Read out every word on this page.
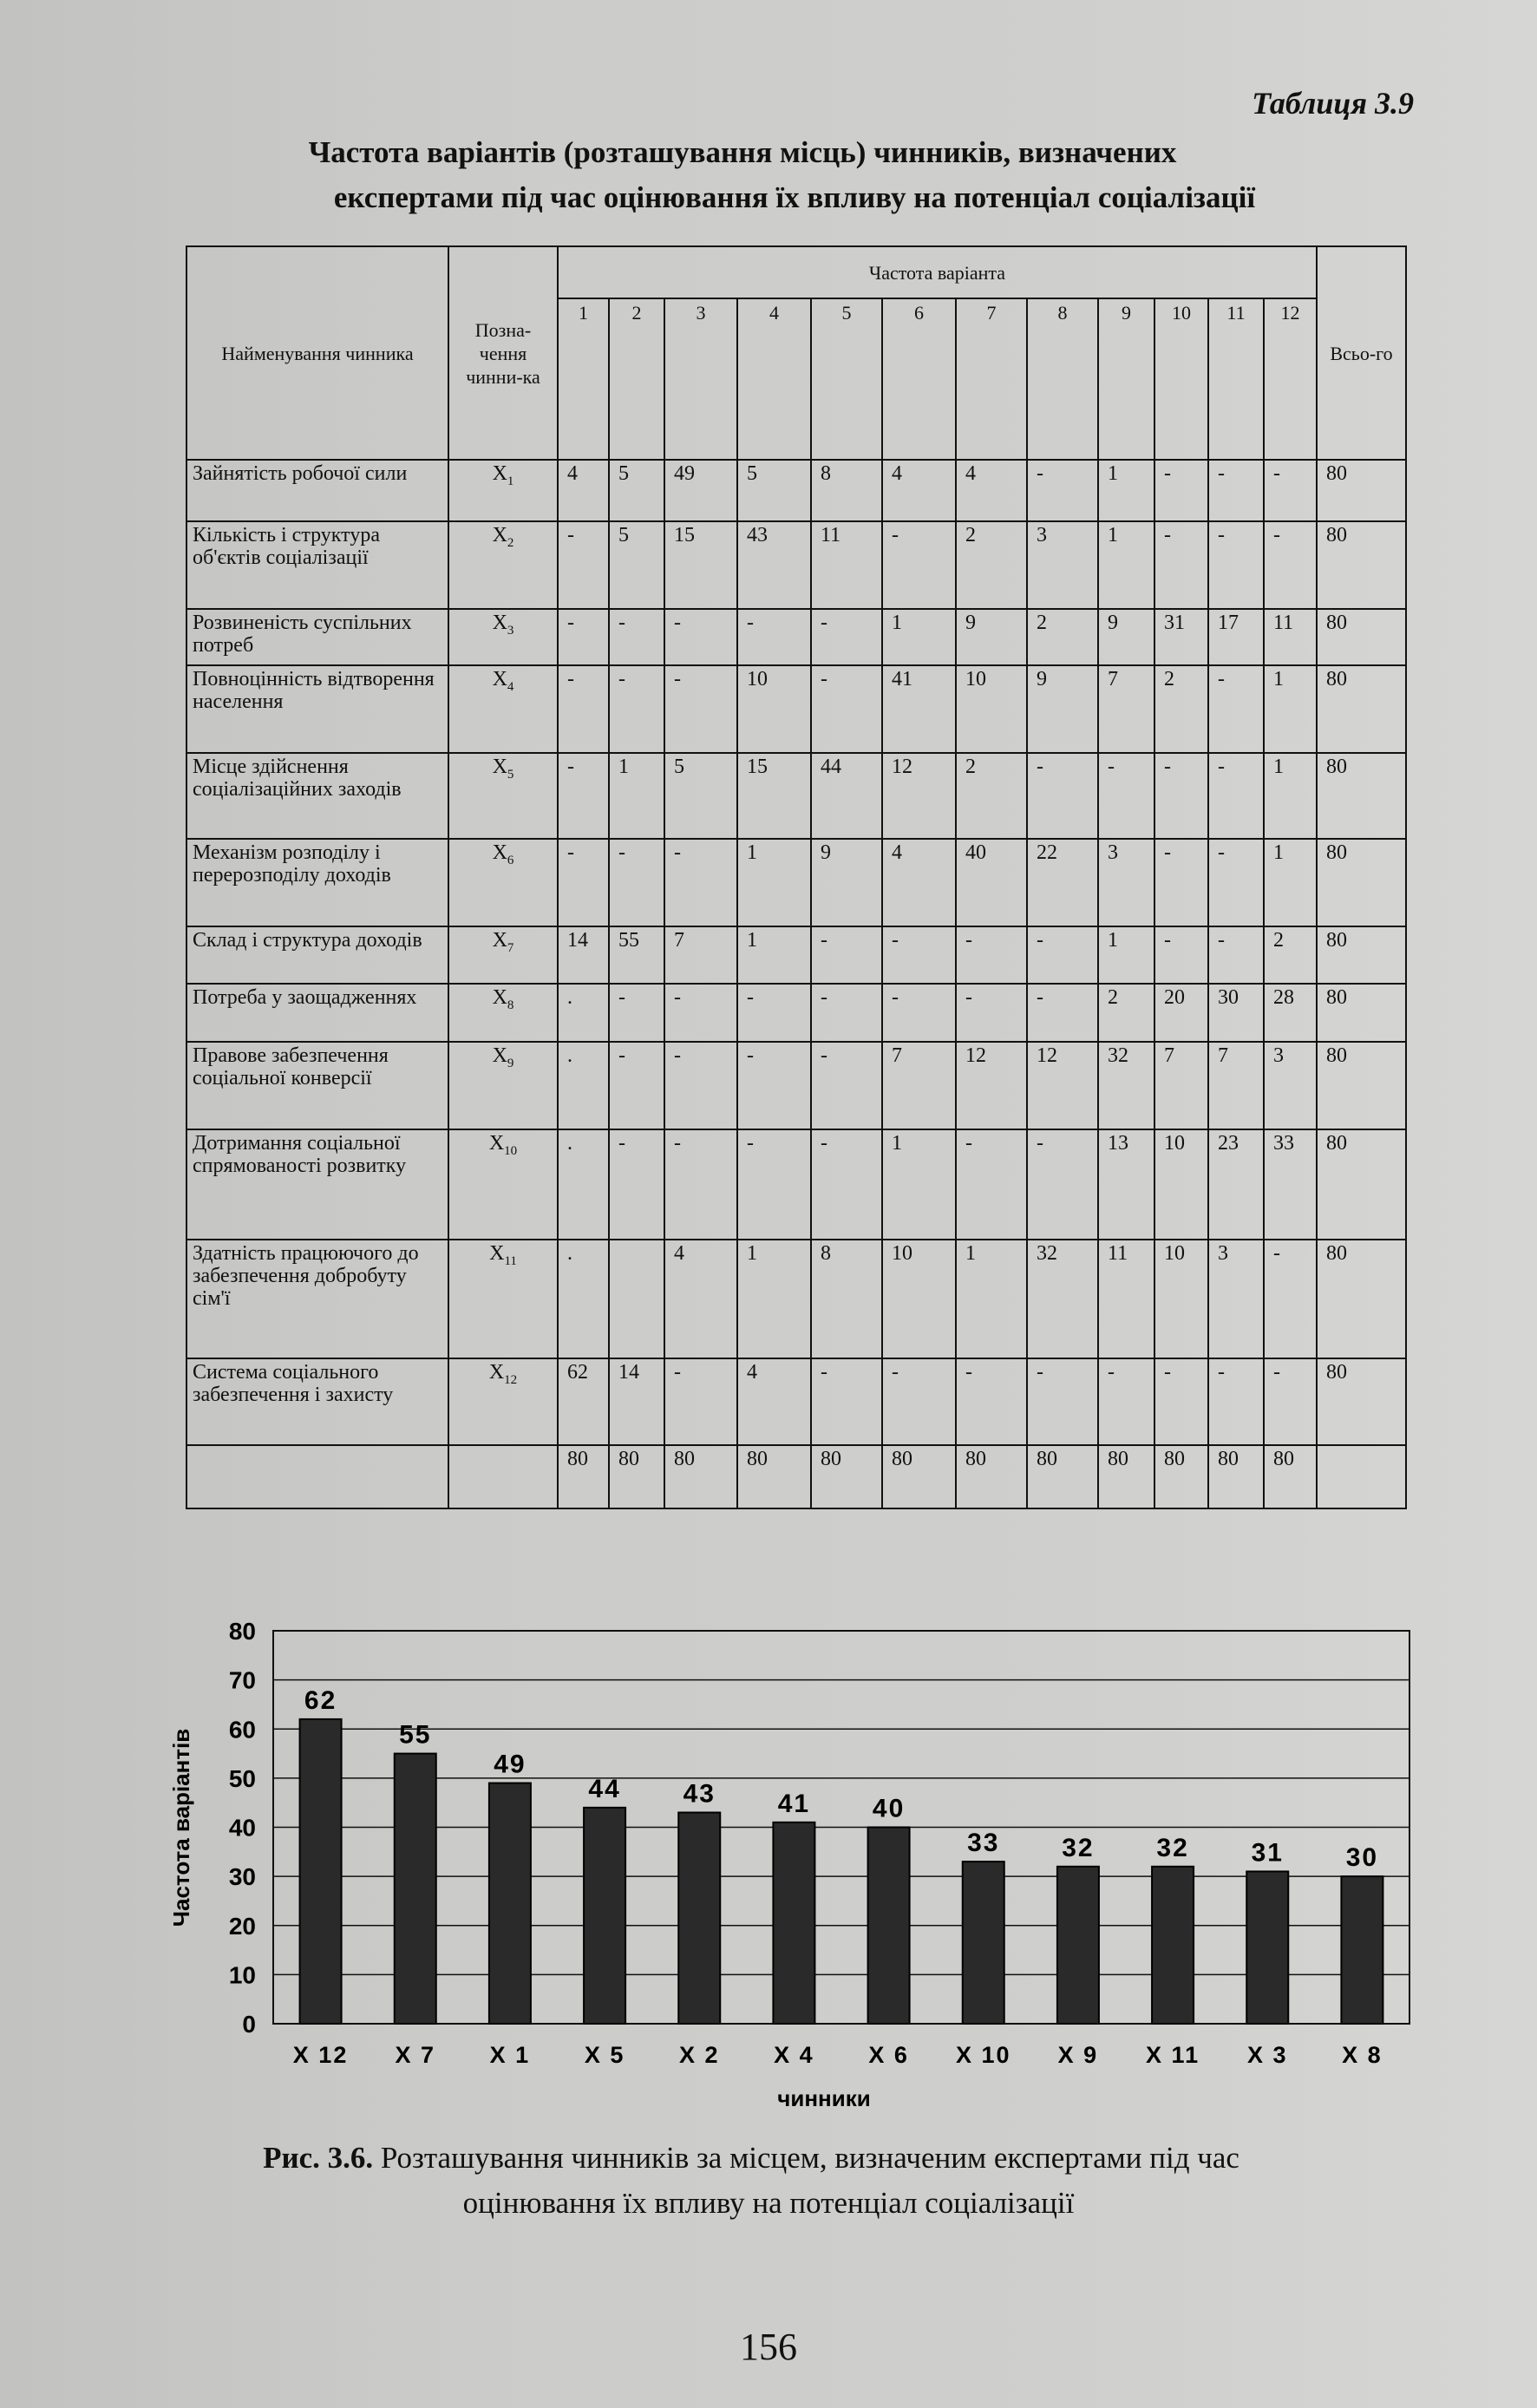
Таблиця 3.9
Частота варіантів (розташування місць) чинників, визначених
експертами під час оцінювання їх впливу на потенціал соціалізації
Найменування чинника	Позна-чення чинни-ка	Частота варіанта												Всьо-го
		1	2	3	4	5	6	7	8	9	10	11	12	
Зайнятість робочої сили	$X_1$	4	5	49	5	8	4	4	-	1	-	-	-	80
Кількість і структура об'єктів соціалізації	$X_2$	-	5	15	43	11	-	2	3	1	-	-	-	80
Розвиненість суспільних потреб	$X_3$	-	-	-	-	-	1	9	2	9	31	17	11	80
Повноцінність відтворення населення	$X_4$	-	-	-	10	-	41	10	9	7	2	-	1	80
Місце здійснення соціалізаційних заходів	$X_5$	-	1	5	15	44	12	2	-	-	-	-	1	80
Механізм розподілу і перерозподілу доходів	$X_6$	-	-	-	1	9	4	40	22	3	-	-	1	80
Склад і структура доходів	$X_7$	14	55	7	1	-	-	-	-	1	-	-	2	80
Потреба у заощадженнях	$X_8$	.	-	-	-	-	-	-	-	2	20	30	28	80
Правове забезпечення соціальної конверсії	$X_9$	.	-	-	-	-	7	12	12	32	7	7	3	80
Дотримання соціальної спрямованості розвитку	$X_{10}$	.	-	-	-	-	1	-	-	13	10	23	33	80
Здатність працюючого до забезпечення добробуту сім'ї	$X_{11}$	.		4	1	8	10	1	32	11	10	3	-	80
Система соціального забезпечення і захисту	$X_{12}$	62	14	-	4	-	-	-	-	-	-	-	-	80
		80	80	80	80	80	80	80	80	80	80	80	80	
0
10
20
30
40
50
60
70
80
62
X 12
55
X 7
49
X 1
44
X 5
43
X 2
41
X 4
40
X 6
33
X 10
32
X 9
32
X 11
31
X 3
30
X 8
чинники
Частота варіантів
Рис. 3.6. Розташування чинників за місцем, визначеним експертами під час
оцінювання їх впливу на потенціал соціалізації
156
